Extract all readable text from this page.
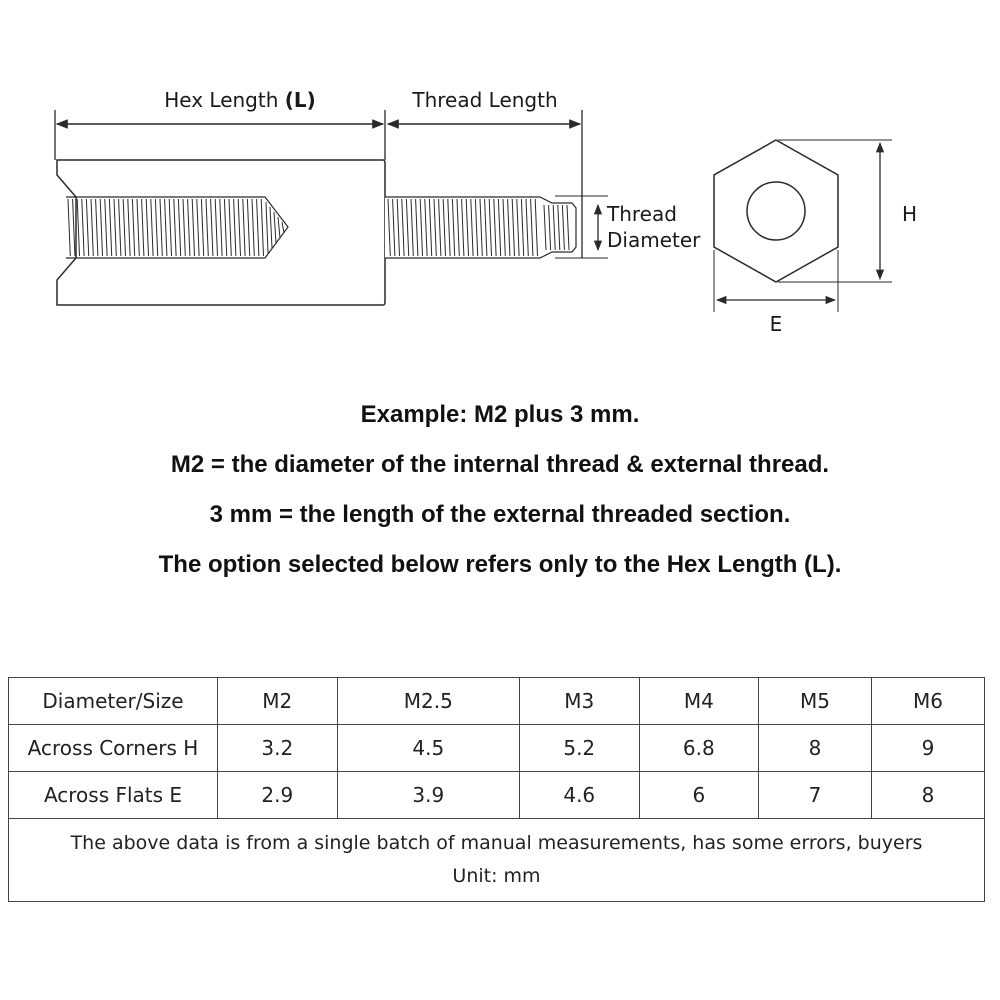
Hex Length (L)	Thread Length
Thread
Diameter
H
E
Example: M2 plus 3 mm.
M2 = the diameter of the internal thread & external thread.
3 mm = the length of the external threaded section.
The option selected below refers only to the Hex Length (L).
Diameter/Size	M2	M2.5	M3	M4	M5	M6
Across Corners H	3.2	4.5	5.2	6.8	8	9
Across Flats E	2.9	3.9	4.6	6	7	8

The above data is from a single batch of manual measurements, has some errors, buyers
Unit: mm						
